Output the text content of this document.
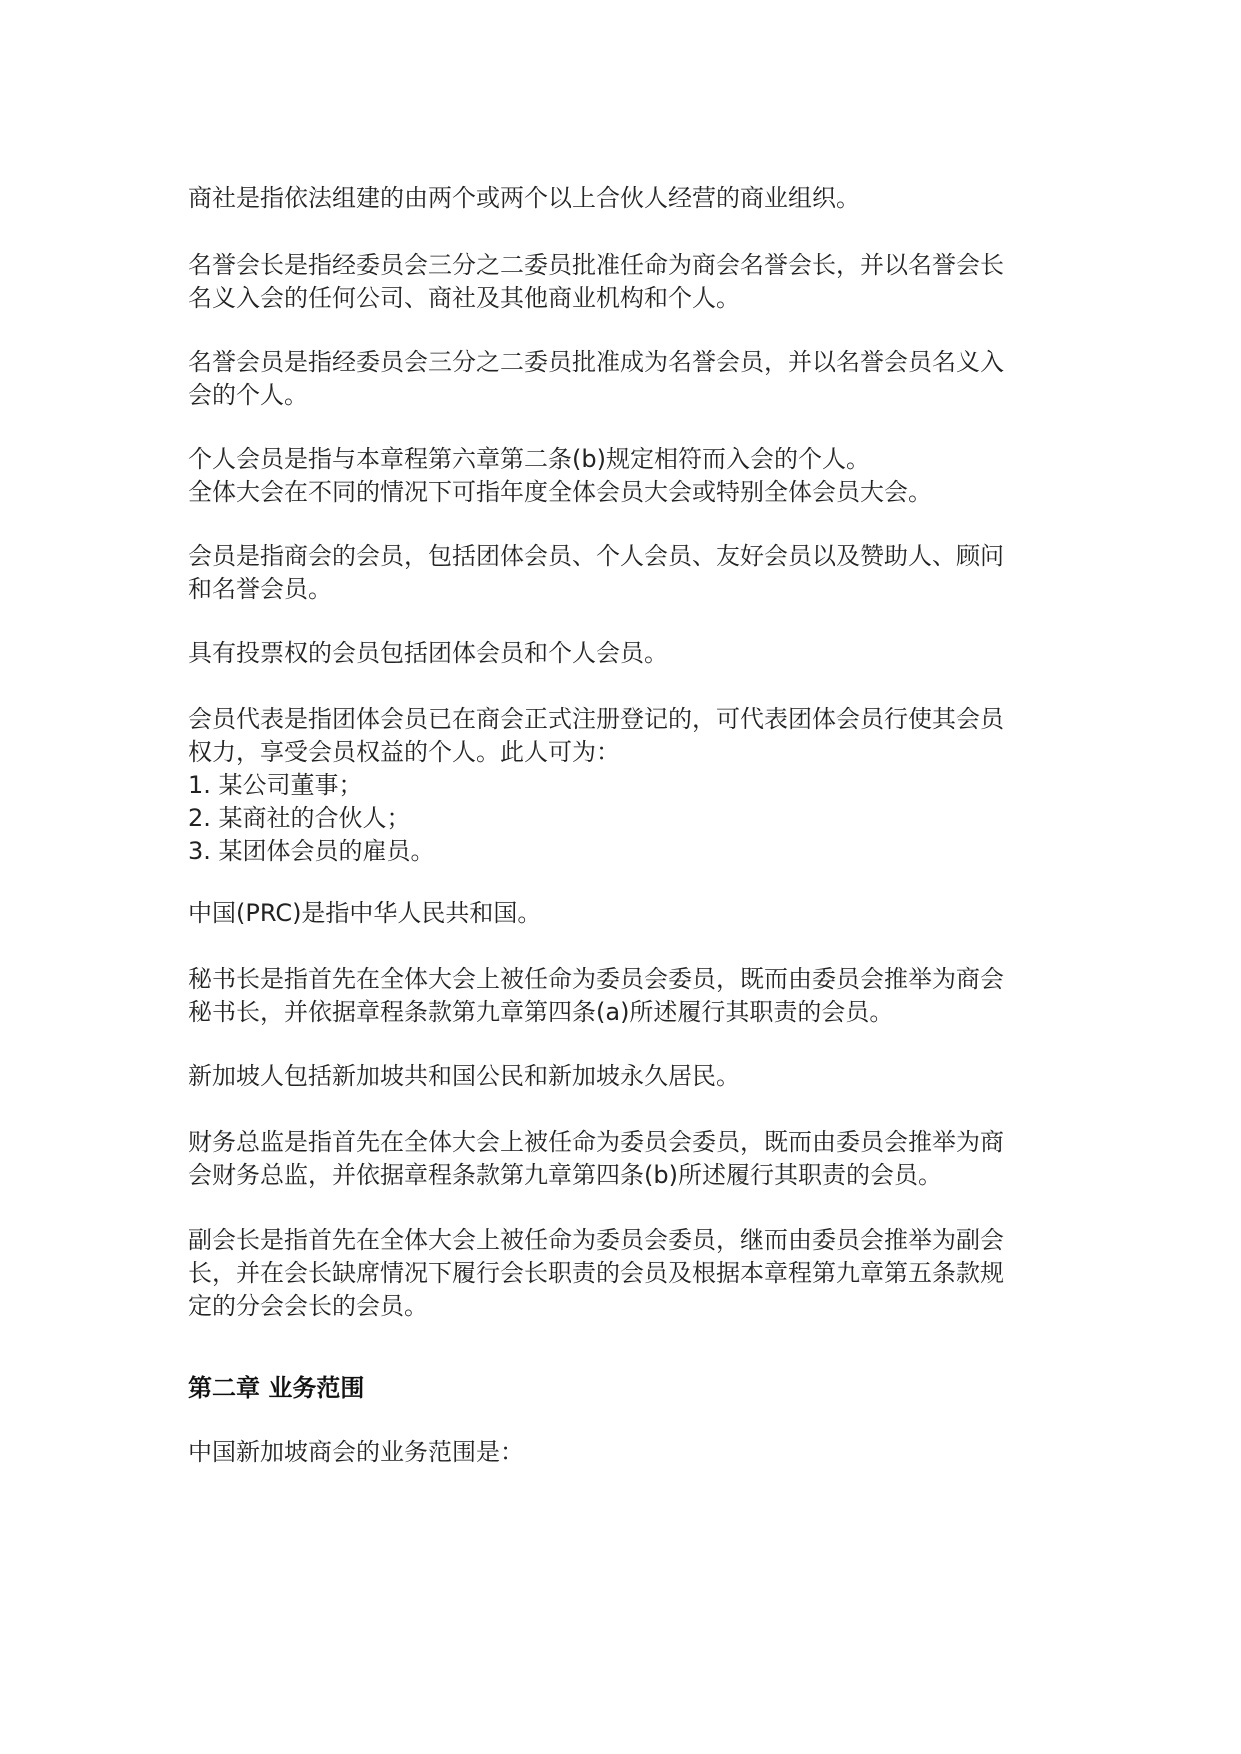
商社是指依法组建的由两个或两个以上合伙人经营的商业组织。
名誉会长是指经委员会三分之二委员批准任命为商会名誉会长，并以名誉会长
名义入会的任何公司、商社及其他商业机构和个人。
名誉会员是指经委员会三分之二委员批准成为名誉会员，并以名誉会员名义入
会的个人。
个人会员是指与本章程第六章第二条(b)规定相符而入会的个人。
全体大会在不同的情况下可指年度全体会员大会或特别全体会员大会。
会员是指商会的会员，包括团体会员、个人会员、友好会员以及赞助人、顾问
和名誉会员。
具有投票权的会员包括团体会员和个人会员。
会员代表是指团体会员已在商会正式注册登记的，可代表团体会员行使其会员
权力，享受会员权益的个人。此人可为：
1. 某公司董事；
2. 某商社的合伙人；
3. 某团体会员的雇员。
中国(PRC)是指中华人民共和国。
秘书长是指首先在全体大会上被任命为委员会委员，既而由委员会推举为商会
秘书长，并依据章程条款第九章第四条(a)所述履行其职责的会员。
新加坡人包括新加坡共和国公民和新加坡永久居民。
财务总监是指首先在全体大会上被任命为委员会委员，既而由委员会推举为商
会财务总监，并依据章程条款第九章第四条(b)所述履行其职责的会员。
副会长是指首先在全体大会上被任命为委员会委员，继而由委员会推举为副会
长，并在会长缺席情况下履行会长职责的会员及根据本章程第九章第五条款规
定的分会会长的会员。
第二章 业务范围
中国新加坡商会的业务范围是：
